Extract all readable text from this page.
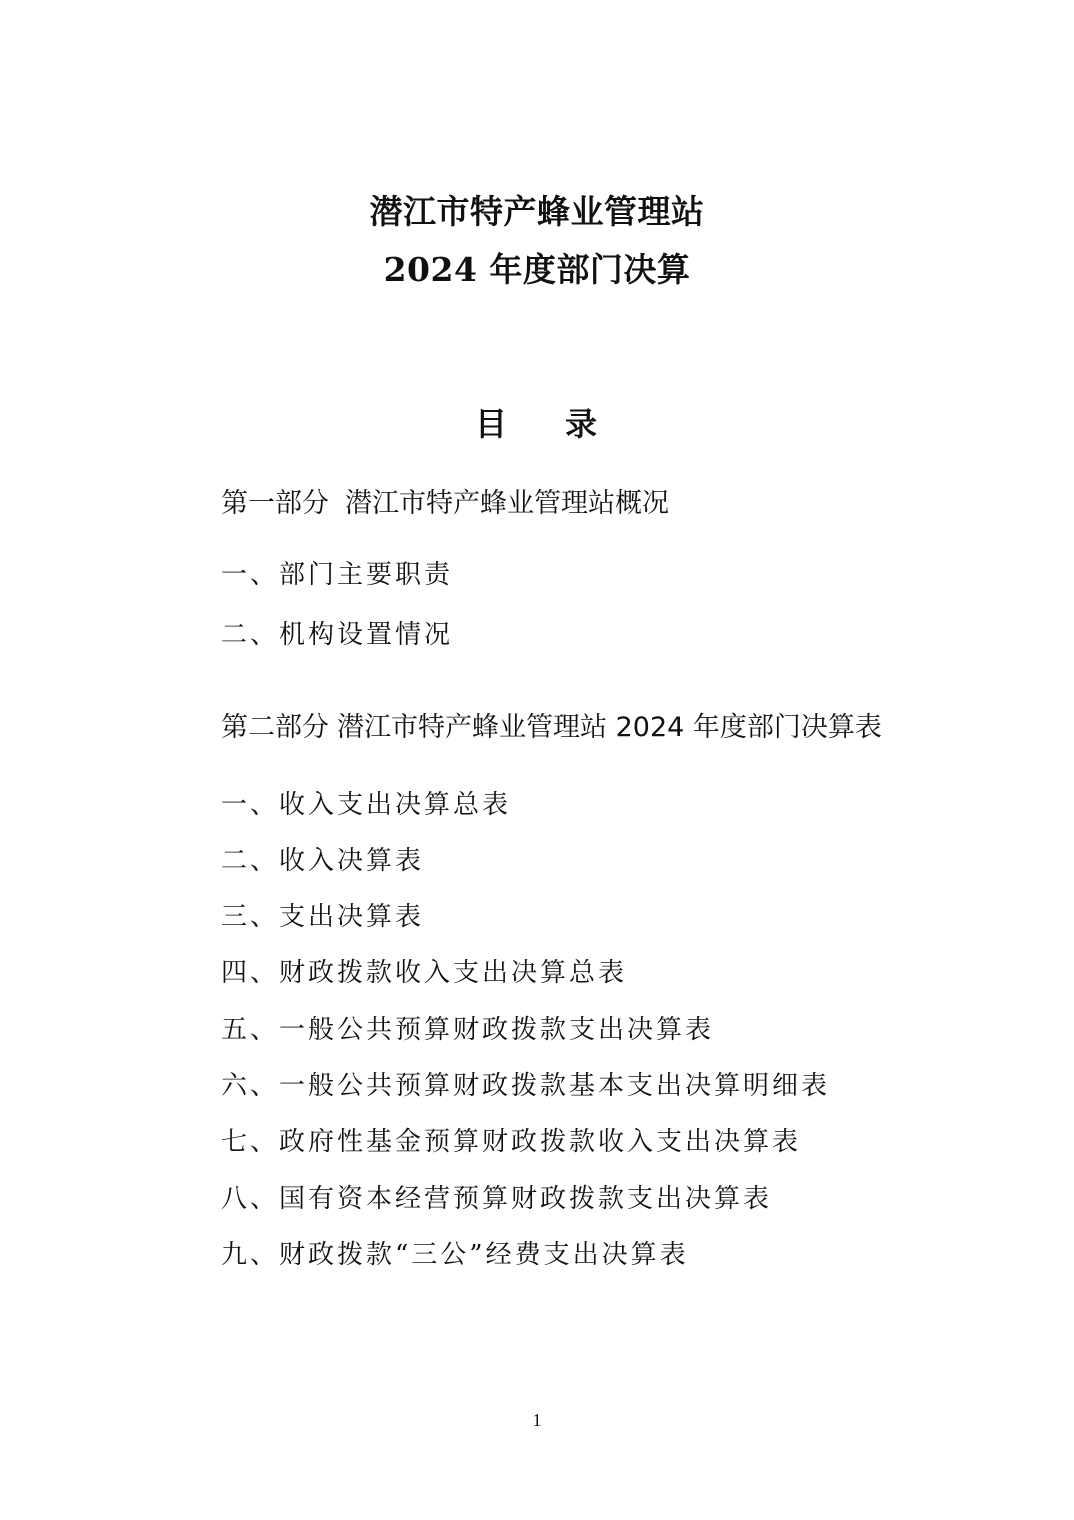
潜江市特产蜂业管理站
2024 年度部门决算
目 录
第一部分 潜江市特产蜂业管理站概况
一、部门主要职责
二、机构设置情况
第二部分 潜江市特产蜂业管理站 2024 年度部门决算表
一、收入支出决算总表
二、收入决算表
三、支出决算表
四、财政拨款收入支出决算总表
五、一般公共预算财政拨款支出决算表
六、一般公共预算财政拨款基本支出决算明细表
七、政府性基金预算财政拨款收入支出决算表
八、国有资本经营预算财政拨款支出决算表
九、财政拨款“三公”经费支出决算表
1
